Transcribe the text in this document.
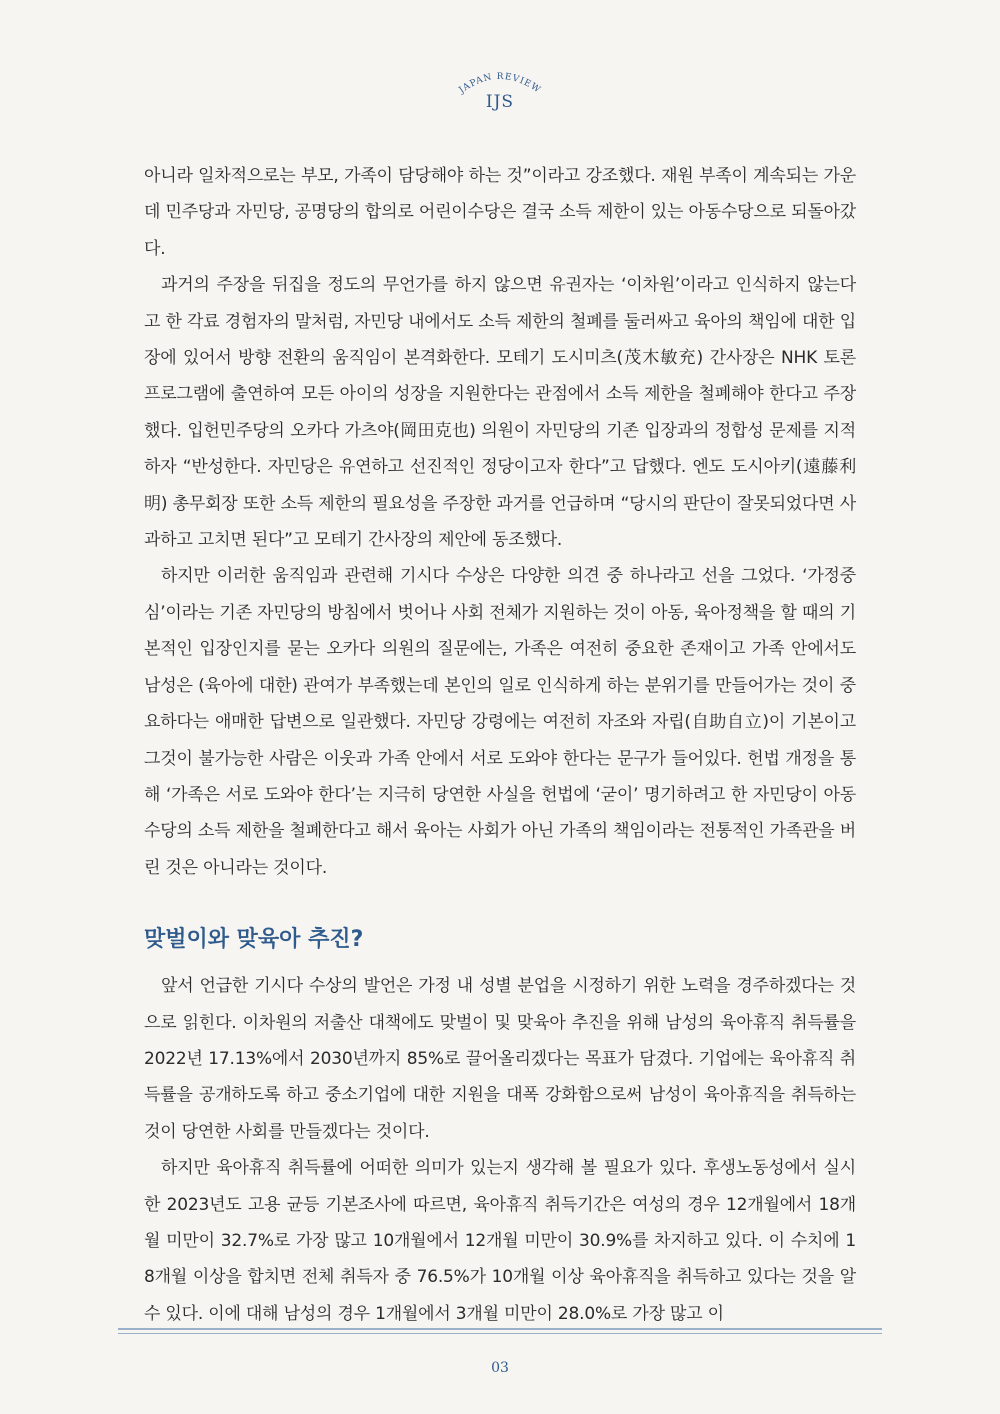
JAPAN REVIEW
IJS

아니라 일차적으로는 부모, 가족이 담당해야 하는 것”이라고 강조했다. 재원 부족이 계속되는 가운데 민주당과 자민당, 공명당의 합의로 어린이수당은 결국 소득 제한이 있는 아동수당으로 되돌아갔다.

과거의 주장을 뒤집을 정도의 무언가를 하지 않으면 유권자는 ‘이차원’이라고 인식하지 않는다고 한 각료 경험자의 말처럼, 자민당 내에서도 소득 제한의 철폐를 둘러싸고 육아의 책임에 대한 입장에 있어서 방향 전환의 움직임이 본격화한다. 모테기 도시미츠(茂木敏充) 간사장은 NHK 토론 프로그램에 출연하여 모든 아이의 성장을 지원한다는 관점에서 소득 제한을 철폐해야 한다고 주장했다. 입헌민주당의 오카다 가츠야(岡田克也) 의원이 자민당의 기존 입장과의 정합성 문제를 지적하자 “반성한다. 자민당은 유연하고 선진적인 정당이고자 한다”고 답했다. 엔도 도시아키(遠藤利明) 총무회장 또한 소득 제한의 필요성을 주장한 과거를 언급하며 “당시의 판단이 잘못되었다면 사과하고 고치면 된다”고 모테기 간사장의 제안에 동조했다.

하지만 이러한 움직임과 관련해 기시다 수상은 다양한 의견 중 하나라고 선을 그었다. ‘가정중심’이라는 기존 자민당의 방침에서 벗어나 사회 전체가 지원하는 것이 아동, 육아정책을 할 때의 기본적인 입장인지를 묻는 오카다 의원의 질문에는, 가족은 여전히 중요한 존재이고 가족 안에서도 남성은 (육아에 대한) 관여가 부족했는데 본인의 일로 인식하게 하는 분위기를 만들어가는 것이 중요하다는 애매한 답변으로 일관했다. 자민당 강령에는 여전히 자조와 자립(自助自立)이 기본이고 그것이 불가능한 사람은 이웃과 가족 안에서 서로 도와야 한다는 문구가 들어있다. 헌법 개정을 통해 ‘가족은 서로 도와야 한다’는 지극히 당연한 사실을 헌법에 ‘굳이’ 명기하려고 한 자민당이 아동수당의 소득 제한을 철폐한다고 해서 육아는 사회가 아닌 가족의 책임이라는 전통적인 가족관을 버린 것은 아니라는 것이다.

맞벌이와 맞육아 추진?

앞서 언급한 기시다 수상의 발언은 가정 내 성별 분업을 시정하기 위한 노력을 경주하겠다는 것으로 읽힌다. 이차원의 저출산 대책에도 맞벌이 및 맞육아 추진을 위해 남성의 육아휴직 취득률을 2022년 17.13%에서 2030년까지 85%로 끌어올리겠다는 목표가 담겼다. 기업에는 육아휴직 취득률을 공개하도록 하고 중소기업에 대한 지원을 대폭 강화함으로써 남성이 육아휴직을 취득하는 것이 당연한 사회를 만들겠다는 것이다.

하지만 육아휴직 취득률에 어떠한 의미가 있는지 생각해 볼 필요가 있다. 후생노동성에서 실시한 2023년도 고용 균등 기본조사에 따르면, 육아휴직 취득기간은 여성의 경우 12개월에서 18개월 미만이 32.7%로 가장 많고 10개월에서 12개월 미만이 30.9%를 차지하고 있다. 이 수치에 18개월 이상을 합치면 전체 취득자 중 76.5%가 10개월 이상 육아휴직을 취득하고 있다는 것을 알 수 있다. 이에 대해 남성의 경우 1개월에서 3개월 미만이 28.0%로 가장 많고 이

03
